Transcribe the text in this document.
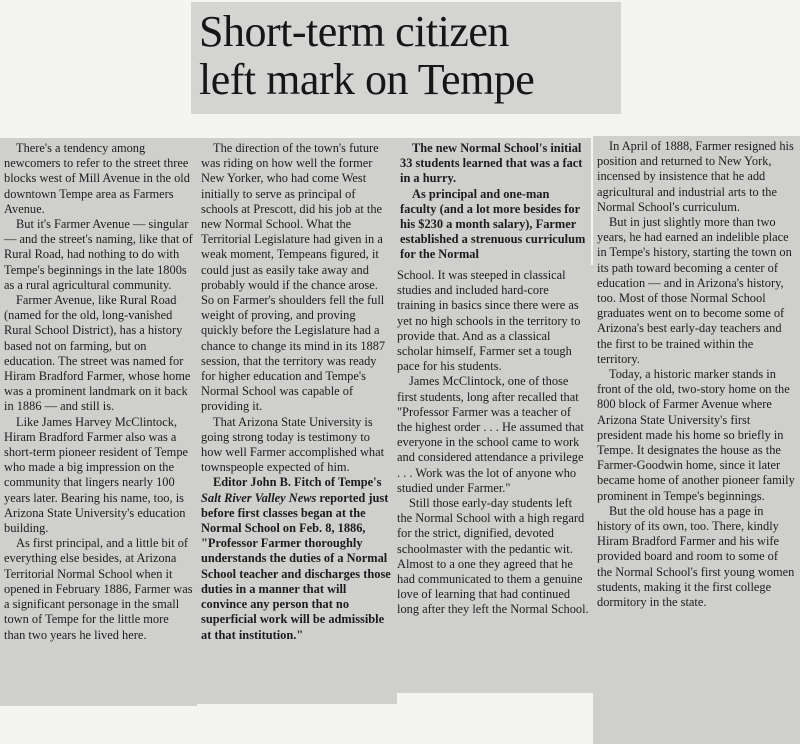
Short-term citizen
left mark on Tempe

There's a tendency among newcomers to refer to the street three blocks west of Mill Avenue in the old downtown Tempe area as Farmers Avenue.

But it's Farmer Avenue — singular — and the street's naming, like that of Rural Road, had nothing to do with Tempe's beginnings in the late 1800s as a rural agricultural community.

Farmer Avenue, like Rural Road (named for the old, long-vanished Rural School District), has a history based not on farming, but on education. The street was named for Hiram Bradford Farmer, whose home was a prominent landmark on it back in 1886 — and still is.

Like James Harvey McClintock, Hiram Bradford Farmer also was a short-term pioneer resident of Tempe who made a big impression on the community that lingers nearly 100 years later. Bearing his name, too, is Arizona State University's education building.

As first principal, and a little bit of everything else besides, at Arizona Territorial Normal School when it opened in February 1886, Farmer was a significant personage in the small town of Tempe for the little more than two years he lived here.

The direction of the town's future was riding on how well the former New Yorker, who had come West initially to serve as principal of schools at Prescott, did his job at the new Normal School. What the Territorial Legislature had given in a weak moment, Tempeans figured, it could just as easily take away and probably would if the chance arose. So on Farmer's shoulders fell the full weight of proving, and proving quickly before the Legislature had a chance to change its mind in its 1887 session, that the territory was ready for higher education and Tempe's Normal School was capable of providing it.

That Arizona State University is going strong today is testimony to how well Farmer accomplished what townspeople expected of him.

Editor John B. Fitch of Tempe's Salt River Valley News reported just before first classes began at the Normal School on Feb. 8, 1886, "Professor Farmer thoroughly understands the duties of a Normal School teacher and discharges those duties in a manner that will convince any person that no superficial work will be admissible at that institution."

The new Normal School's initial 33 students learned that was a fact in a hurry.

As principal and one-man faculty (and a lot more besides for his $230 a month salary), Farmer established a strenuous curriculum for the Normal

School. It was steeped in classical studies and included hard-core training in basics since there were as yet no high schools in the territory to provide that. And as a classical scholar himself, Farmer set a tough pace for his students.

James McClintock, one of those first students, long after recalled that "Professor Farmer was a teacher of the highest order . . . He assumed that everyone in the school came to work and considered attendance a privilege . . . Work was the lot of anyone who studied under Farmer."

Still those early-day students left the Normal School with a high regard for the strict, dignified, devoted schoolmaster with the pedantic wit. Almost to a one they agreed that he had communicated to them a genuine love of learning that had continued long after they left the Normal School.

In April of 1888, Farmer resigned his position and returned to New York, incensed by insistence that he add agricultural and industrial arts to the Normal School's curriculum.

But in just slightly more than two years, he had earned an indelible place in Tempe's history, starting the town on its path toward becoming a center of education — and in Arizona's history, too. Most of those Normal School graduates went on to become some of Arizona's best early-day teachers and the first to be trained within the territory.

Today, a historic marker stands in front of the old, two-story home on the 800 block of Farmer Avenue where Arizona State University's first president made his home so briefly in Tempe. It designates the house as the Farmer-Goodwin home, since it later became home of another pioneer family prominent in Tempe's beginnings.

But the old house has a page in history of its own, too. There, kindly Hiram Bradford Farmer and his wife provided board and room to some of the Normal School's first young women students, making it the first college dormitory in the state.
